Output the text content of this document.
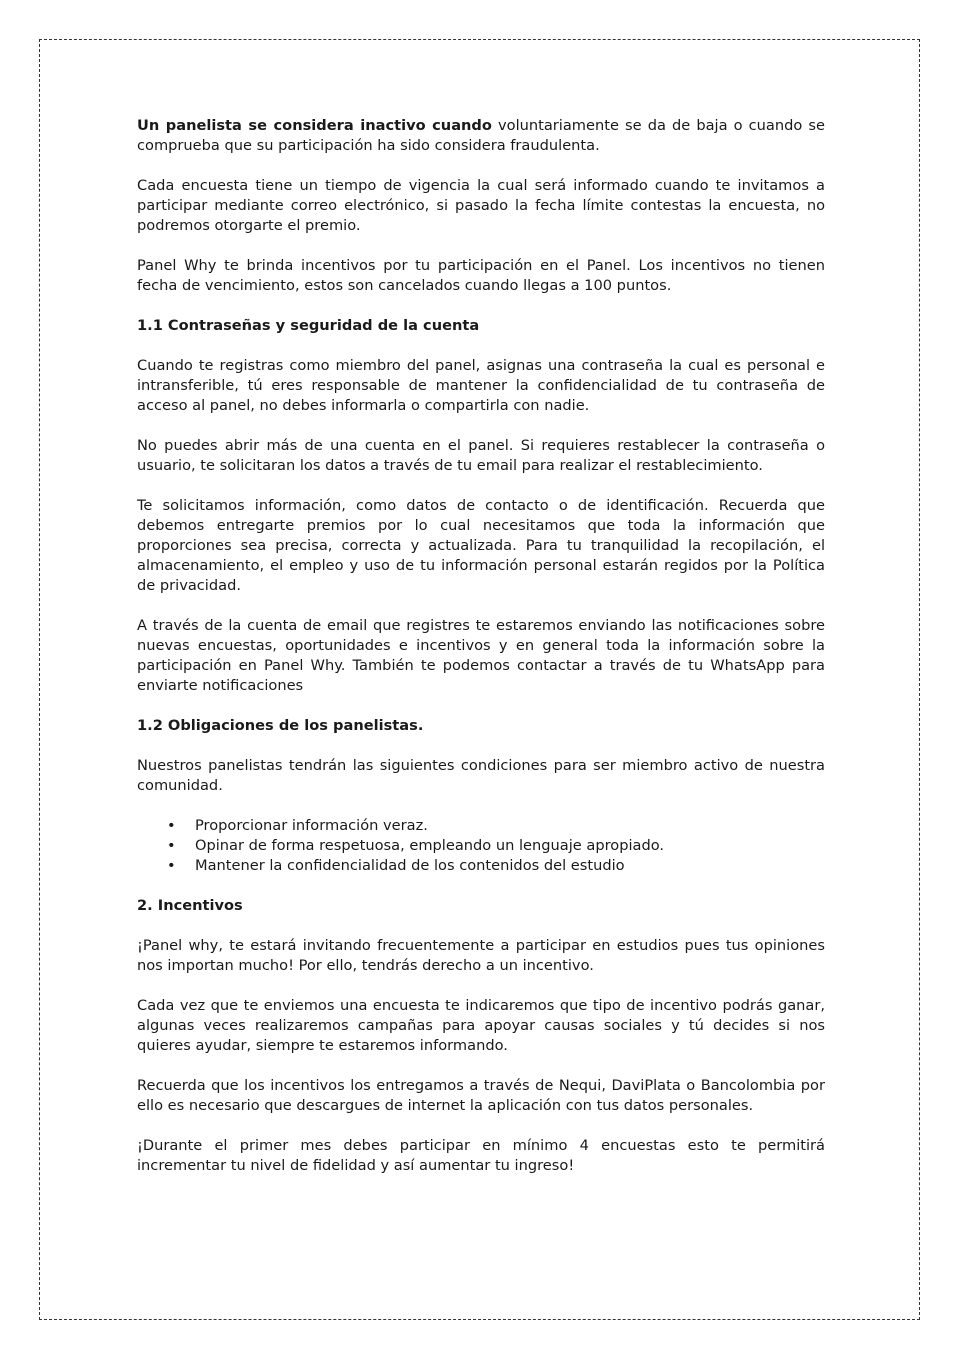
Un panelista se considera inactivo cuando voluntariamente se da de baja o cuando se comprueba que su participación ha sido considera fraudulenta.

Cada encuesta tiene un tiempo de vigencia la cual será informado cuando te invitamos a participar mediante correo electrónico, si pasado la fecha límite contestas la encuesta, no podremos otorgarte el premio.

Panel Why te brinda incentivos por tu participación en el Panel. Los incentivos no tienen fecha de vencimiento, estos son cancelados cuando llegas a 100 puntos.

1.1 Contraseñas y seguridad de la cuenta

Cuando te registras como miembro del panel, asignas una contraseña la cual es personal e intransferible, tú eres responsable de mantener la confidencialidad de tu contraseña de acceso al panel, no debes informarla o compartirla con nadie.

No puedes abrir más de una cuenta en el panel. Si requieres restablecer la contraseña o usuario, te solicitaran los datos a través de tu email para realizar el restablecimiento.

Te solicitamos información, como datos de contacto o de identificación. Recuerda que debemos entregarte premios por lo cual necesitamos que toda la información que proporciones sea precisa, correcta y actualizada. Para tu tranquilidad la recopilación, el almacenamiento, el empleo y uso de tu información personal estarán regidos por la Política de privacidad.

A través de la cuenta de email que registres te estaremos enviando las notificaciones sobre nuevas encuestas, oportunidades e incentivos y en general toda la información sobre la participación en Panel Why. También te podemos contactar a través de tu WhatsApp para enviarte notificaciones

1.2 Obligaciones de los panelistas.

Nuestros panelistas tendrán las siguientes condiciones para ser miembro activo de nuestra comunidad.

• Proporcionar información veraz.
• Opinar de forma respetuosa, empleando un lenguaje apropiado.
• Mantener la confidencialidad de los contenidos del estudio
2. Incentivos

¡Panel why, te estará invitando frecuentemente a participar en estudios pues tus opiniones nos importan mucho! Por ello, tendrás derecho a un incentivo.

Cada vez que te enviemos una encuesta te indicaremos que tipo de incentivo podrás ganar, algunas veces realizaremos campañas para apoyar causas sociales y tú decides si nos quieres ayudar, siempre te estaremos informando.

Recuerda que los incentivos los entregamos a través de Nequi, DaviPlata o Bancolombia por ello es necesario que descargues de internet la aplicación con tus datos personales.

¡Durante el primer mes debes participar en mínimo 4 encuestas esto te permitirá incrementar tu nivel de fidelidad y así aumentar tu ingreso!
